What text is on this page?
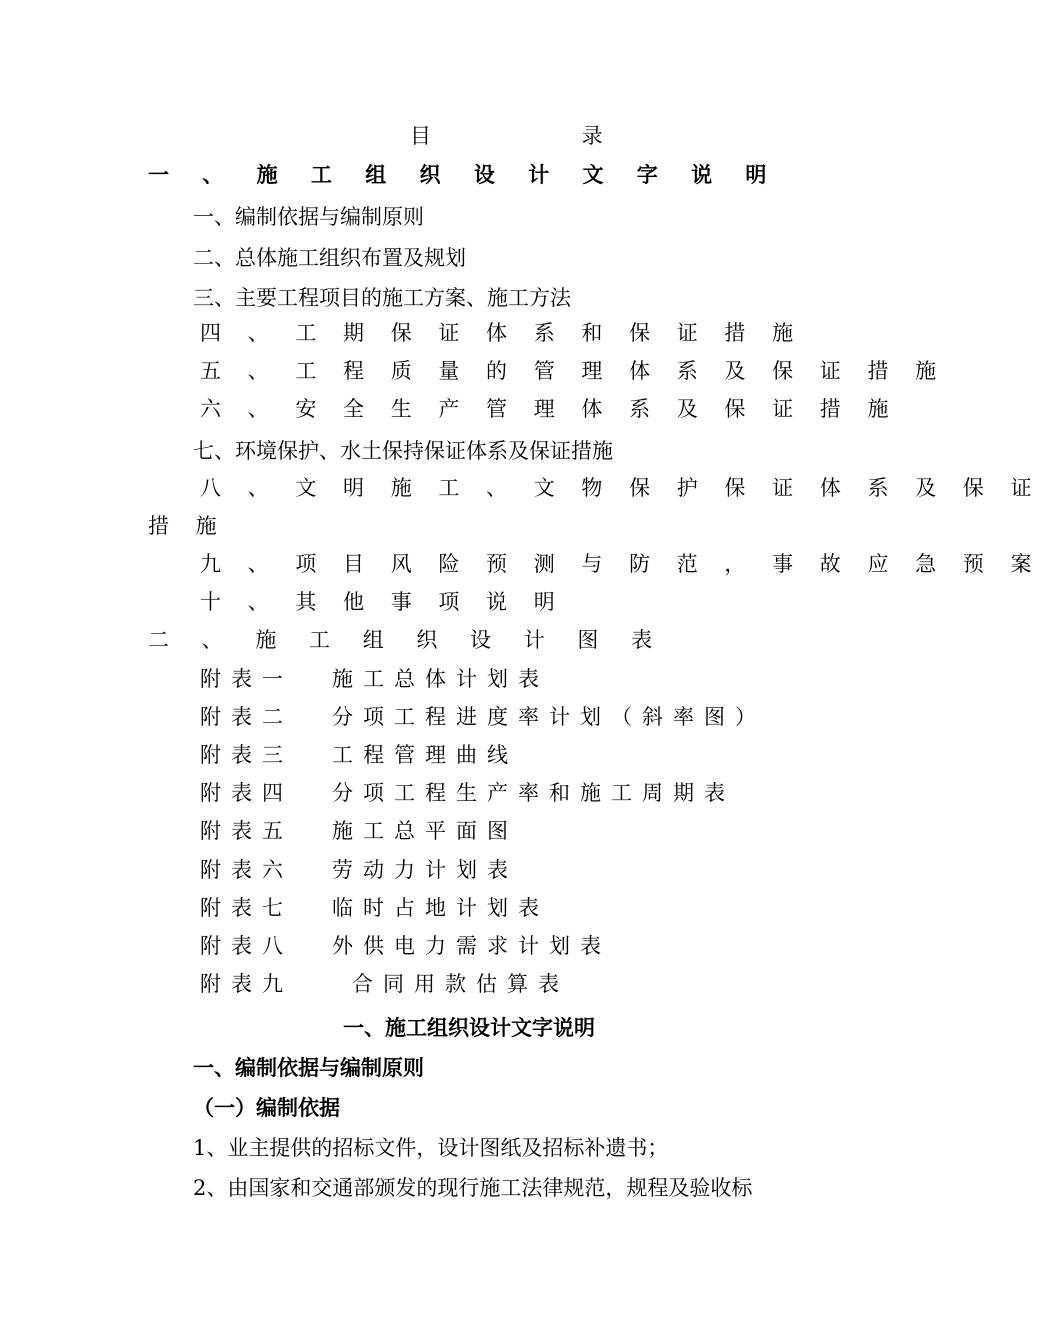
目 录
一 、 施 工 组 织 设 计 文 字 说 明
一、编制依据与编制原则
二、总体施工组织布置及规划
三、主要工程项目的施工方案、施工方法
四 、 工 期 保 证 体 系 和 保 证 措 施
五 、 工 程 质 量 的 管 理 体 系 及 保 证 措 施
六 、 安 全 生 产 管 理 体 系 及 保 证 措 施
七、环境保护、水土保持保证体系及保证措施
八 、 文 明 施 工 、 文 物 保 护 保 证 体 系 及 保 证
措 施
九 、 项 目 风 险 预 测 与 防 范 ， 事 故 应 急 预 案
十 、 其 他 事 项 说 明
二 、 施 工 组 织 设 计 图 表
附表一 施工总体计划表
附表二 分项工程进度率计划（斜率图）
附表三 工程管理曲线
附表四 分项工程生产率和施工周期表
附表五 施工总平面图
附表六 劳动力计划表
附表七 临时占地计划表
附表八 外供电力需求计划表
附表九	合同用款估算表
一、施工组织设计文字说明
一、编制依据与编制原则
（一）编制依据
1、业主提供的招标文件，设计图纸及招标补遗书；
2、由国家和交通部颁发的现行施工法律规范，规程及验收标
